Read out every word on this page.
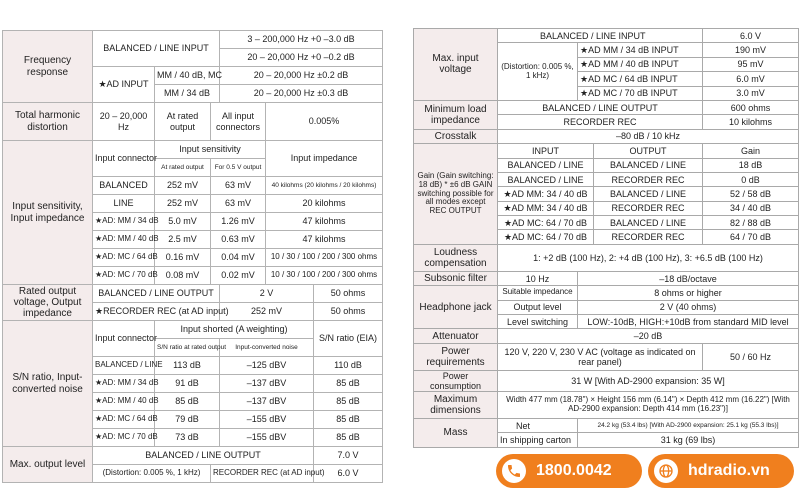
Frequency response	BALANCED / LINE INPUT			3 – 200,000 Hz +0 –3.0 dB		
				20 – 20,000 Hz +0 –0.2 dB		
	★AD INPUT	MM / 40 dB, MC		20 – 20,000 Hz ±0.2 dB		
		MM / 34 dB		20 – 20,000 Hz ±0.3 dB		
Total harmonic distortion	20 – 20,000 Hz	At rated output	All input connectors		0.005%	
Input sensitivity, Input impedance	Input connector	Input sensitivity			Input impedance	
		At rated output	For 0.5 V output			
	BALANCED	252 mV	63 mV		40 kilohms (20 kilohms / 20 kilohms)	
	LINE	252 mV	63 mV		20 kilohms	
	★AD: MM / 34 dB	5.0 mV	1.26 mV		47 kilohms	
	★AD: MM / 40 dB	2.5 mV	0.63 mV		47 kilohms	
	★AD: MC / 64 dB	0.16 mV	0.04 mV		10 / 30 / 100 / 200 / 300 ohms	
	★AD: MC / 70 dB	0.08 mV	0.02 mV		10 / 30 / 100 / 200 / 300 ohms	
Rated output voltage, Output impedance	BALANCED / LINE OUTPUT			2 V		50 ohms
	★RECORDER REC (at AD input)			252 mV		50 ohms
S/N ratio, Input-converted noise	Input connector	Input shorted (A weighting)				S/N ratio (EIA)
		S/N ratio at rated output		Input-converted noise		
	BALANCED / LINE	113 dB		–125 dBV		110 dB
	★AD: MM / 34 dB	91 dB		–137 dBV		85 dB
	★AD: MM / 40 dB	85 dB		–137 dBV		85 dB
	★AD: MC / 64 dB	79 dB		–155 dBV		85 dB
	★AD: MC / 70 dB	73 dB		–155 dBV		85 dB
Max. output level	BALANCED / LINE OUTPUT					7.0 V
	(Distortion: 0.005 %, 1 kHz)		RECORDER REC (at AD input)			6.0 V
Max. input voltage	BALANCED / LINE INPUT			6.0 V
	(Distortion: 0.005 %, 1 kHz)	★AD MM / 34 dB INPUT		190 mV
		★AD MM / 40 dB INPUT		95 mV
		★AD MC / 64 dB INPUT		6.0 mV
		★AD MC / 70 dB INPUT		3.0 mV
Minimum load impedance	BALANCED / LINE OUTPUT			600 ohms
	RECORDER REC			10 kilohms
Crosstalk	–80 dB / 10 kHz			
Gain (Gain switching: 18 dB) * ±6 dB GAIN switching possible for all modes except REC OUTPUT	INPUT		OUTPUT	Gain
	BALANCED / LINE		BALANCED / LINE	18 dB
	BALANCED / LINE		RECORDER REC	0 dB
	★AD MM: 34 / 40 dB		BALANCED / LINE	52 / 58 dB
	★AD MM: 34 / 40 dB		RECORDER REC	34 / 40 dB
	★AD MC: 64 / 70 dB		BALANCED / LINE	82 / 88 dB
	★AD MC: 64 / 70 dB		RECORDER REC	64 / 70 dB
Loudness compensation	1: +2 dB (100 Hz), 2: +4 dB (100 Hz), 3: +6.5 dB (100 Hz)			
Subsonic filter	10 Hz	–18 dB/octave		
Headphone jack	Suitable impedance	8 ohms or higher		
	Output level	2 V (40 ohms)		
	Level switching	LOW:-10dB, HIGH:+10dB from standard MID level		
Attenuator	–20 dB			
Power requirements	120 V, 220 V, 230 V AC (voltage as indicated on rear panel)			50 / 60 Hz
Power consumption	31 W [With AD-2900 expansion: 35 W]			
Maximum dimensions	Width 477 mm (18.78") × Height 156 mm (6.14") × Depth 412 mm (16.22") [With AD-2900 expansion: Depth 414 mm (16.23")]			
Mass	Net	24.2 kg (53.4 lbs) [With AD-2900 expansion: 25.1 kg (55.3 lbs)]		
	In shipping carton	31 kg (69 lbs)		
1800.0042	hdradio.vn
